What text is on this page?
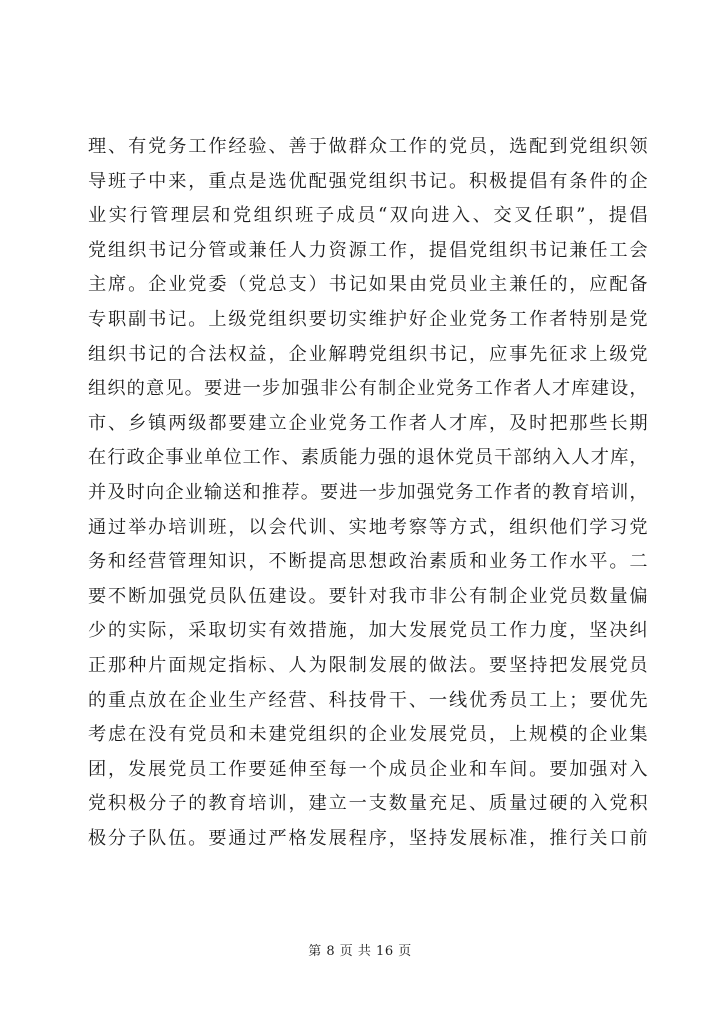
理、有党务工作经验、善于做群众工作的党员，选配到党组织领
导班子中来，重点是选优配强党组织书记。积极提倡有条件的企
业实行管理层和党组织班子成员“双向进入、交叉任职”，提倡
党组织书记分管或兼任人力资源工作，提倡党组织书记兼任工会
主席。企业党委（党总支）书记如果由党员业主兼任的，应配备
专职副书记。上级党组织要切实维护好企业党务工作者特别是党
组织书记的合法权益，企业解聘党组织书记，应事先征求上级党
组织的意见。要进一步加强非公有制企业党务工作者人才库建设，
市、乡镇两级都要建立企业党务工作者人才库，及时把那些长期
在行政企事业单位工作、素质能力强的退休党员干部纳入人才库，
并及时向企业输送和推荐。要进一步加强党务工作者的教育培训，
通过举办培训班，以会代训、实地考察等方式，组织他们学习党
务和经营管理知识，不断提高思想政治素质和业务工作水平。二
要不断加强党员队伍建设。要针对我市非公有制企业党员数量偏
少的实际，采取切实有效措施，加大发展党员工作力度，坚决纠
正那种片面规定指标、人为限制发展的做法。要坚持把发展党员
的重点放在企业生产经营、科技骨干、一线优秀员工上；要优先
考虑在没有党员和未建党组织的企业发展党员，上规模的企业集
团，发展党员工作要延伸至每一个成员企业和车间。要加强对入
党积极分子的教育培训，建立一支数量充足、质量过硬的入党积
极分子队伍。要通过严格发展程序，坚持发展标准，推行关口前
第 8 页 共 16 页
